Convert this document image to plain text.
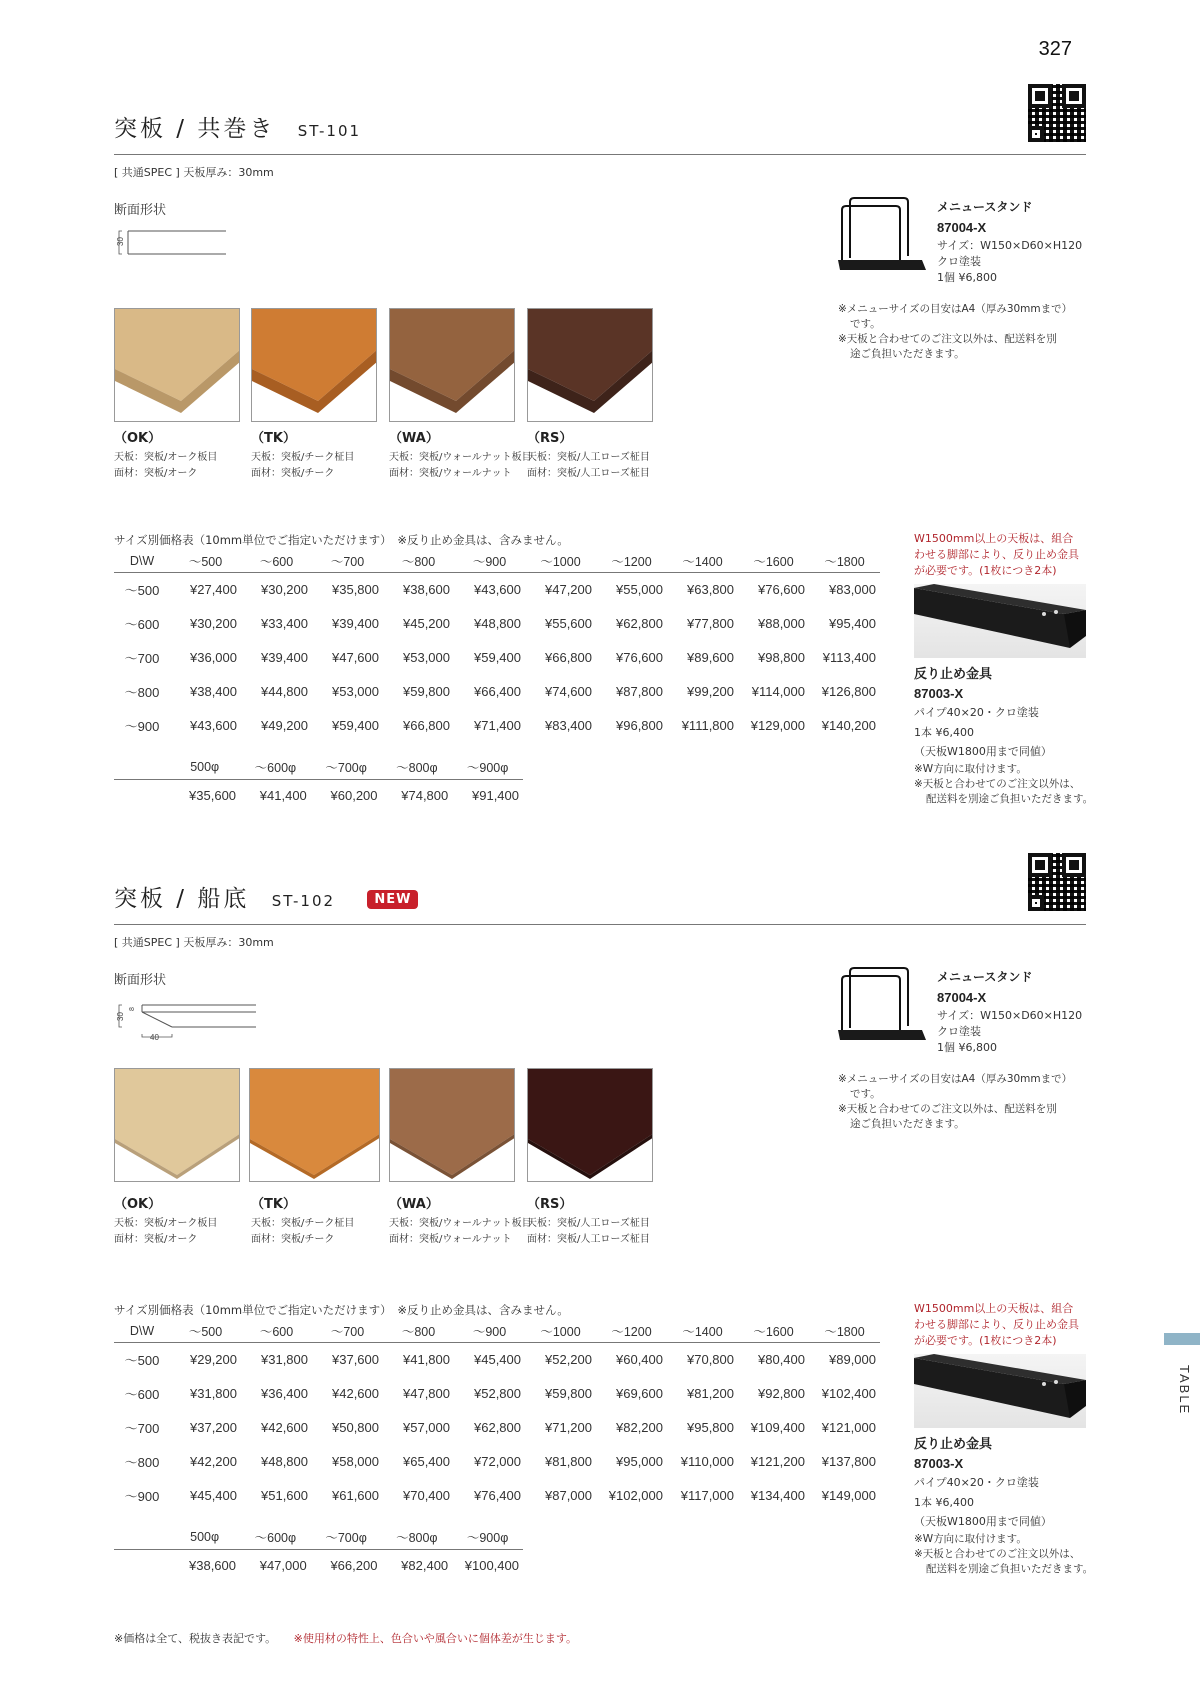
327
TABLE
突板 / 共巻き ST-101
[ 共通SPEC ] 天板厚み：30mm
断面形状
30
（OK）
天板：突板/オーク板目
面材：突板/オーク
（TK）
天板：突板/チーク柾目
面材：突板/チーク
（WA）
天板：突板/ウォールナット板目
面材：突板/ウォールナット
（RS）
天板：突板/人工ローズ柾目
面材：突板/人工ローズ柾目
サイズ別価格表（10mm単位でご指定いただけます）　※反り止め金具は、含みません。
D\W	～500	～600	～700	～800	～900	～1000	～1200	～1400	～1600	～1800
～500	¥27,400	¥30,200	¥35,800	¥38,600	¥43,600	¥47,200	¥55,000	¥63,800	¥76,600	¥83,000
～600	¥30,200	¥33,400	¥39,400	¥45,200	¥48,800	¥55,600	¥62,800	¥77,800	¥88,000	¥95,400
～700	¥36,000	¥39,400	¥47,600	¥53,000	¥59,400	¥66,800	¥76,600	¥89,600	¥98,800	¥113,400
～800	¥38,400	¥44,800	¥53,000	¥59,800	¥66,400	¥74,600	¥87,800	¥99,200	¥114,000	¥126,800
～900	¥43,600	¥49,200	¥59,400	¥66,800	¥71,400	¥83,400	¥96,800	¥111,800	¥129,000	¥140,200
	500φ	～600φ	～700φ	～800φ	～900φ
	¥35,600	¥41,400	¥60,200	¥74,800	¥91,400
メニュースタンド
87004-X
サイズ：W150×D60×H120
クロ塗装
1個 ¥6,800
※メニューサイズの目安はA4（厚み30mmまで）
です。
※天板と合わせてのご注文以外は、配送料を別
途ご負担いただきます。
W1500mm以上の天板は、組合
わせる脚部により、反り止め金具
が必要です。(1枚につき2本)
反り止め金具
87003-X
パイプ40×20・クロ塗装
1本 ¥6,400
（天板W1800用まで同値）
※W方向に取付けます。
※天板と合わせてのご注文以外は、
配送料を別途ご負担いただきます。
突板 / 船底 ST-102	NEW
[ 共通SPEC ] 天板厚み：30mm
断面形状
30
8
40
（OK）
天板：突板/オーク板目
面材：突板/オーク
（TK）
天板：突板/チーク柾目
面材：突板/チーク
（WA）
天板：突板/ウォールナット板目
面材：突板/ウォールナット
（RS）
天板：突板/人工ローズ柾目
面材：突板/人工ローズ柾目
サイズ別価格表（10mm単位でご指定いただけます）　※反り止め金具は、含みません。
D\W	～500	～600	～700	～800	～900	～1000	～1200	～1400	～1600	～1800
～500	¥29,200	¥31,800	¥37,600	¥41,800	¥45,400	¥52,200	¥60,400	¥70,800	¥80,400	¥89,000
～600	¥31,800	¥36,400	¥42,600	¥47,800	¥52,800	¥59,800	¥69,600	¥81,200	¥92,800	¥102,400
～700	¥37,200	¥42,600	¥50,800	¥57,000	¥62,800	¥71,200	¥82,200	¥95,800	¥109,400	¥121,000
～800	¥42,200	¥48,800	¥58,000	¥65,400	¥72,000	¥81,800	¥95,000	¥110,000	¥121,200	¥137,800
～900	¥45,400	¥51,600	¥61,600	¥70,400	¥76,400	¥87,000	¥102,000	¥117,000	¥134,400	¥149,000
	500φ	～600φ	～700φ	～800φ	～900φ
	¥38,600	¥47,000	¥66,200	¥82,400	¥100,400
メニュースタンド
87004-X
サイズ：W150×D60×H120
クロ塗装
1個 ¥6,800
※メニューサイズの目安はA4（厚み30mmまで）
です。
※天板と合わせてのご注文以外は、配送料を別
途ご負担いただきます。
W1500mm以上の天板は、組合
わせる脚部により、反り止め金具
が必要です。(1枚につき2本)
反り止め金具
87003-X
パイプ40×20・クロ塗装
1本 ¥6,400
（天板W1800用まで同値）
※W方向に取付けます。
※天板と合わせてのご注文以外は、
配送料を別途ご負担いただきます。
※価格は全て、税抜き表記です。 ※使用材の特性上、色合いや風合いに個体差が生じます。
